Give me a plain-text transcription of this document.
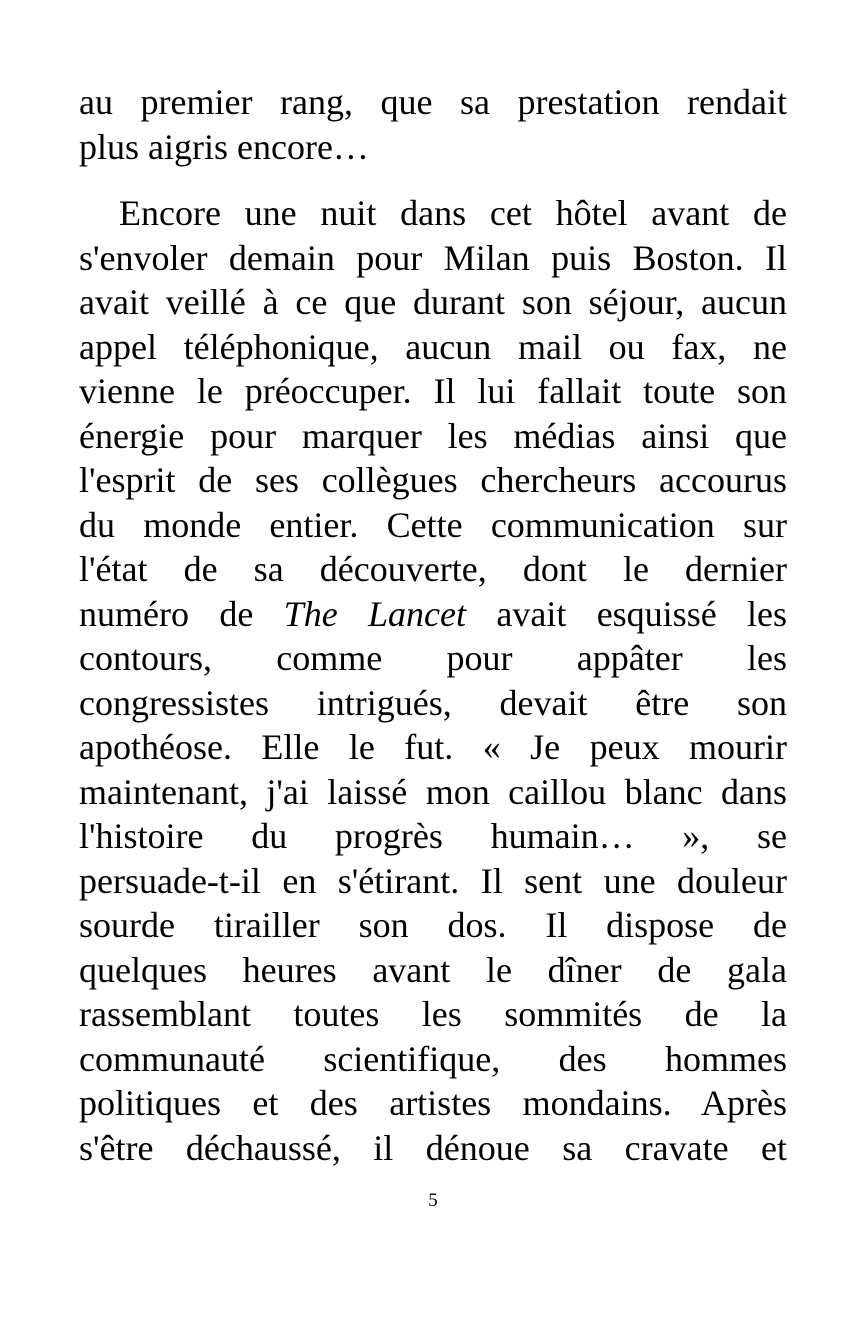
au premier rang, que sa prestation rendait
plus aigris encore…
Encore une nuit dans cet hôtel avant de
s'envoler demain pour Milan puis Boston. Il
avait veillé à ce que durant son séjour, aucun
appel téléphonique, aucun mail ou fax, ne
vienne le préoccuper. Il lui fallait toute son
énergie pour marquer les médias ainsi que
l'esprit de ses collègues chercheurs accourus
du monde entier. Cette communication sur
l'état de sa découverte, dont le dernier
numéro de The Lancet avait esquissé les
contours, comme pour appâter les
congressistes intrigués, devait être son
apothéose. Elle le fut. « Je peux mourir
maintenant, j'ai laissé mon caillou blanc dans
l'histoire du progrès humain… », se
persuade-t-il en s'étirant. Il sent une douleur
sourde tirailler son dos. Il dispose de
quelques heures avant le dîner de gala
rassemblant toutes les sommités de la
communauté scientifique, des hommes
politiques et des artistes mondains. Après
s'être déchaussé, il dénoue sa cravate et
5
